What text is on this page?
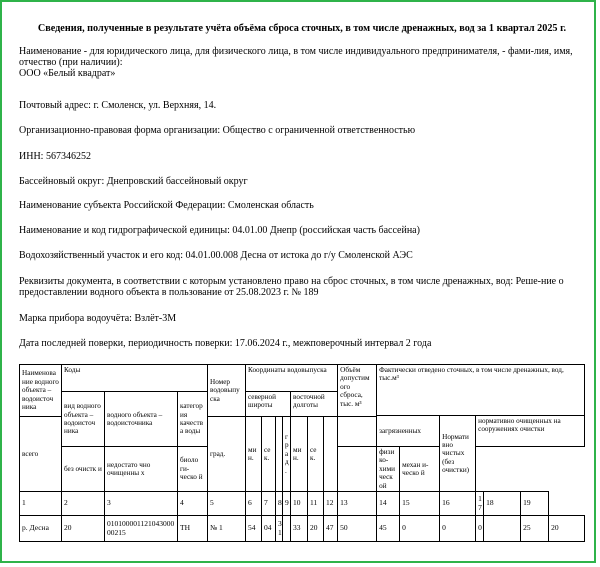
Сведения, полученные в результате учёта объёма сброса сточных, в том числе дренажных, вод за 1 квартал 2025 г.
Наименование - для юридического лица, для физического лица, в том числе индивидуального предпринимателя, - фами-лия, имя, отчество (при наличии):
ООО «Белый квадрат»
Почтовый адрес: г. Смоленск, ул. Верхняя, 14.
Организационно-правовая форма организации: Общество с ограниченной ответственностью
ИНН: 567346252
Бассейновый округ: Днепровский бассейновый округ
Наименование субъекта Российской Федерации: Смоленская область
Наименование и код гидрографической единицы: 04.01.00 Днепр (российская часть бассейна)
Водохозяйственный участок и его код: 04.01.00.008 Десна от истока до г/у Смоленской АЭС
Реквизиты документа, в соответствии с которым установлено право на сброс сточных, в том числе дренажных, вод: Реше-ние о предоставлении водного объекта в пользование от 25.08.2023 г. № 189
Марка прибора водоучёта: Взлёт-3М
Дата последней поверки, периодичность поверки: 17.06.2024 г., межповерочный интервал 2 года
Наименова ние водного объекта – водоисточ ника	Коды			Номер водовыпу ска	Координаты водовыпуска							Объём допустим ого сброса, тыс. м³	Фактически отведено сточных, в том числе дренажных, вод, тыс.м³						
	вид водного объекта – водоисточ ника	водного объекта – водоисточника	категор ия качеств а воды		северной широты				восточной долготы										
													загрязненных		Нормати вно чистых (без очистки)	нормативно очищенных на сооружениях очистки			
всего				град.	ми н.	се к.		гра д.	ми н.	се к.									
	без очистк и	недостато чно очищенны х	биоло ги-ческо й										физико-химическ ой	механ и-ческо й					
1	2	3	4	5	6	7	8	9	10	11	12	13	14	15	16	17	18	19	
р. Десна	20	01010000112104300000215	ТН	№ 1	54	04	31		33	20	47	50	45	0	0	0		25	20
